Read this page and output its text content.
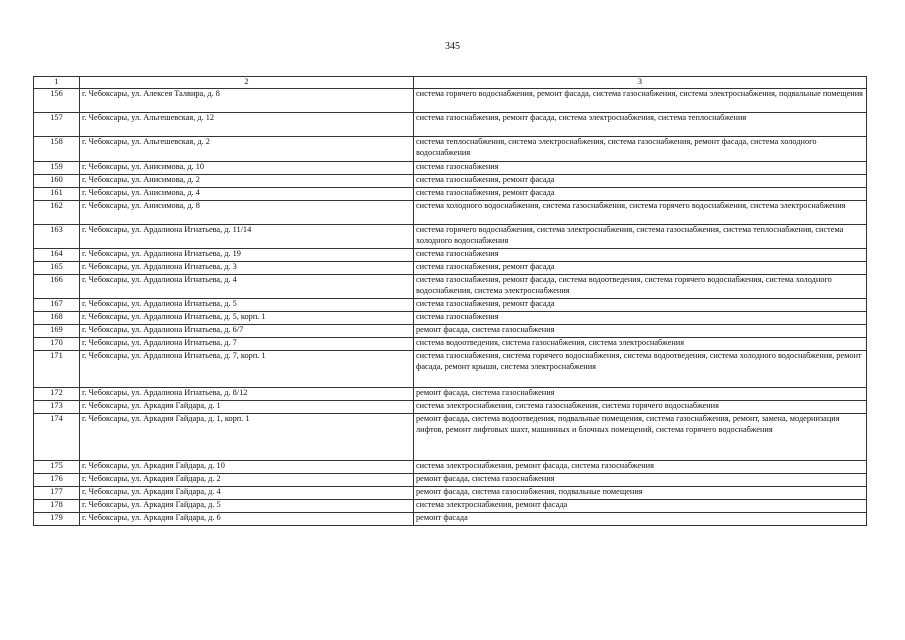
345
1	2	3
156	г. Чебоксары, ул. Алексея Талвира, д. 8	система горячего водоснабжения, ремонт фасада, система газоснабжения, система электроснабжения, подвальные помещения
157	г. Чебоксары, ул. Альгешевская, д. 12	система газоснабжения, ремонт фасада, система электроснабжения, система теплоснабжения
158	г. Чебоксары, ул. Альгешевская, д. 2	система теплоснабжения, система электроснабжения, система газоснабжения, ремонт фасада, система холодного водоснабжения
159	г. Чебоксары, ул. Анисимова, д. 10	система газоснабжения
160	г. Чебоксары, ул. Анисимова, д. 2	система газоснабжения, ремонт фасада
161	г. Чебоксары, ул. Анисимова, д. 4	система газоснабжения, ремонт фасада
162	г. Чебоксары, ул. Анисимова, д. 8	система холодного водоснабжения, система газоснабжения, система горячего водоснабжения, система электроснабжения
163	г. Чебоксары, ул. Ардалиона Игнатьева, д. 11/14	система горячего водоснабжения, система электроснабжения, система газоснабжения, система теплоснабжения, система холодного водоснабжения
164	г. Чебоксары, ул. Ардалиона Игнатьева, д. 19	система газоснабжения
165	г. Чебоксары, ул. Ардалиона Игнатьева, д. 3	система газоснабжения, ремонт фасада
166	г. Чебоксары, ул. Ардалиона Игнатьева, д. 4	система газоснабжения, ремонт фасада, система водоотведения, система горячего водоснабжения, система холодного водоснабжения, система электроснабжения
167	г. Чебоксары, ул. Ардалиона Игнатьева, д. 5	система газоснабжения, ремонт фасада
168	г. Чебоксары, ул. Ардалиона Игнатьева, д. 5, корп. 1	система газоснабжения
169	г. Чебоксары, ул. Ардалиона Игнатьева, д. 6/7	ремонт фасада, система газоснабжения
170	г. Чебоксары, ул. Ардалиона Игнатьева, д. 7	система водоотведения, система газоснабжения, система электроснабжения
171	г. Чебоксары, ул. Ардалиона Игнатьева, д. 7, корп. 1	система газоснабжения, система горячего водоснабжения, система водоотведения, система холодного водоснабжения, ремонт фасада, ремонт крыши, система электроснабжения
172	г. Чебоксары, ул. Ардалиона Игнатьева, д. 8/12	ремонт фасада, система газоснабжения
173	г. Чебоксары, ул. Аркадия Гайдара, д. 1	система электроснабжения, система газоснабжения, система горячего водоснабжения
174	г. Чебоксары, ул. Аркадия Гайдара, д. 1, корп. 1	ремонт фасада, система водоотведения, подвальные помещения, система газоснабжения, ремонт, замена, модернизация лифтов, ремонт лифтовых шахт, машинных и блочных помещений, система горячего водоснабжения
175	г. Чебоксары, ул. Аркадия Гайдара, д. 10	система электроснабжения, ремонт фасада, система газоснабжения
176	г. Чебоксары, ул. Аркадия Гайдара, д. 2	ремонт фасада, система газоснабжения
177	г. Чебоксары, ул. Аркадия Гайдара, д. 4	ремонт фасада, система газоснабжения, подвальные помещения
178	г. Чебоксары, ул. Аркадия Гайдара, д. 5	система электроснабжения, ремонт фасада
179	г. Чебоксары, ул. Аркадия Гайдара, д. 6	ремонт фасада
